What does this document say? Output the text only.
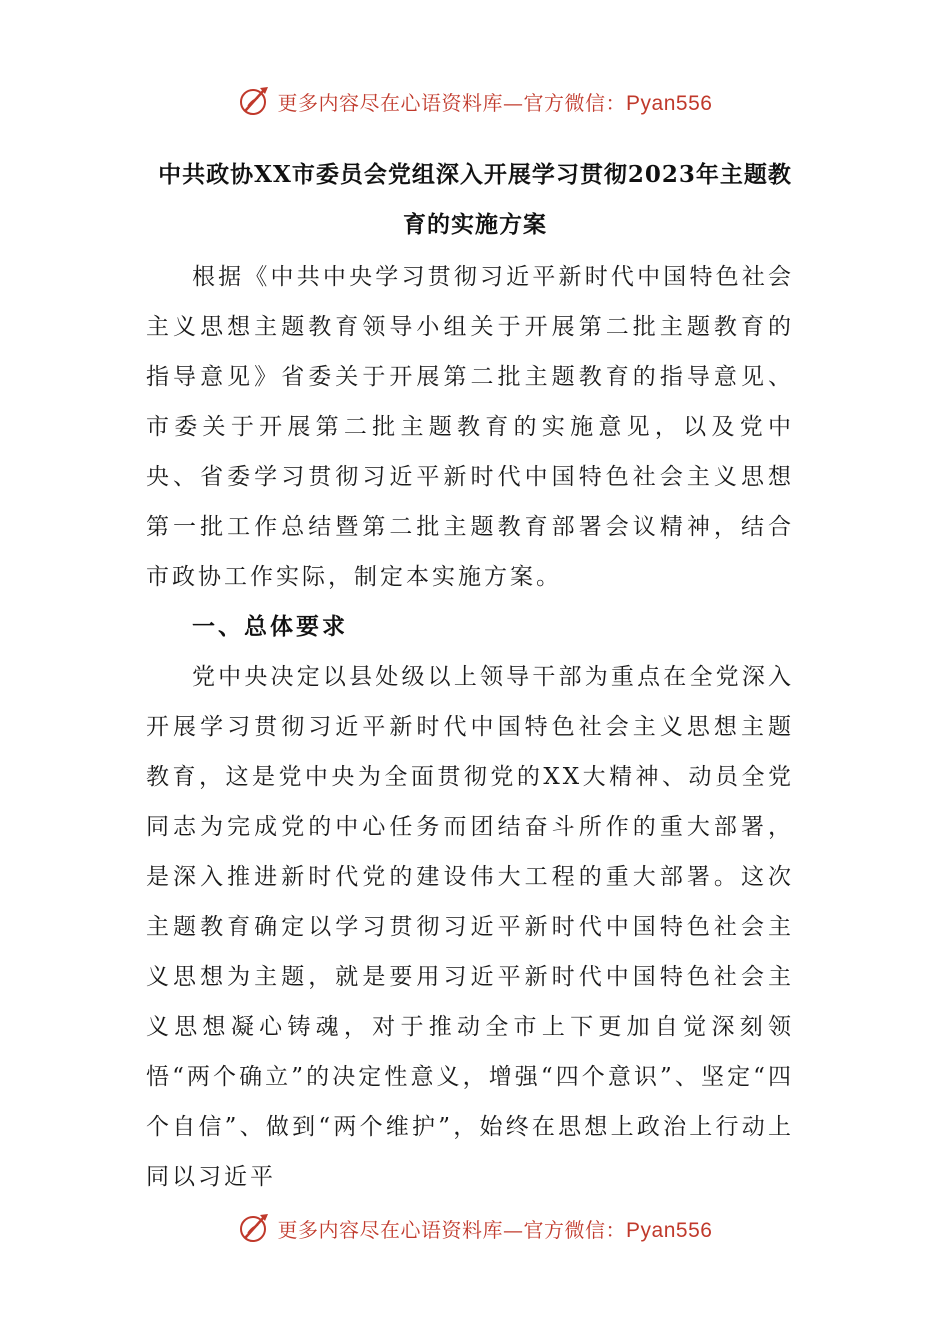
更多内容尽在心语资料库—官方微信：Pyan556
中共政协XX市委员会党组深入开展学习贯彻2023年主题教
育的实施方案

根据《中共中央学习贯彻习近平新时代中国特色社会主义思想主题教育领导小组关于开展第二批主题教育的指导意见》省委关于开展第二批主题教育的指导意见、市委关于开展第二批主题教育的实施意见，以及党中央、省委学习贯彻习近平新时代中国特色社会主义思想第一批工作总结暨第二批主题教育部署会议精神，结合市政协工作实际，制定本实施方案。

一、总体要求

党中央决定以县处级以上领导干部为重点在全党深入开展学习贯彻习近平新时代中国特色社会主义思想主题教育，这是党中央为全面贯彻党的XX大精神、动员全党同志为完成党的中心任务而团结奋斗所作的重大部署，是深入推进新时代党的建设伟大工程的重大部署。这次主题教育确定以学习贯彻习近平新时代中国特色社会主义思想为主题，就是要用习近平新时代中国特色社会主义思想凝心铸魂，对于推动全市上下更加自觉深刻领悟“两个确立”的决定性意义，增强“四个意识”、坚定“四个自信”、做到“两个维护”，始终在思想上政治上行动上同以习近平

更多内容尽在心语资料库—官方微信：Pyan556
